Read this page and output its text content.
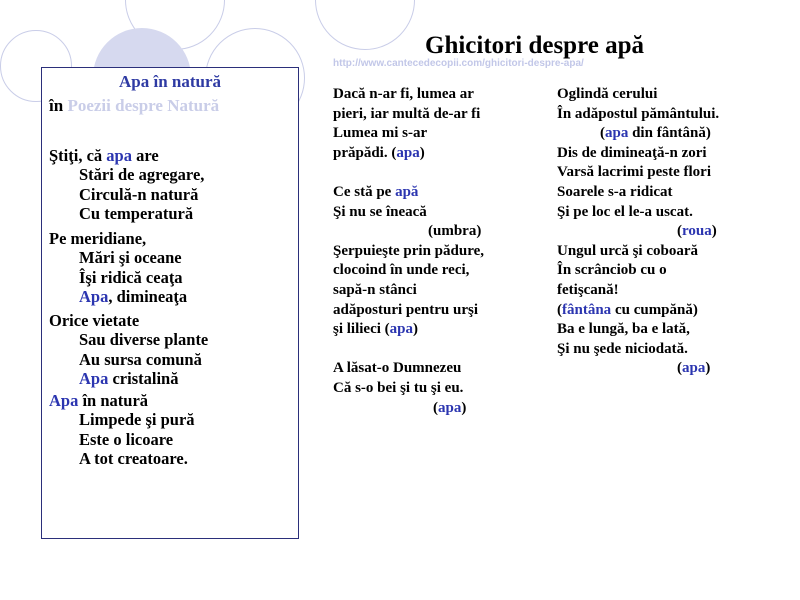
Apa în natură
în Poezii despre Natură
Ştiţi, că apa are
Stări de agregare,
Circulă-n natură
Cu temperatură
Pe meridiane,
Mări şi oceane
Îşi ridică ceaţa
Apa, dimineaţa
Orice vietate
Sau diverse plante
Au sursa comună
Apa cristalină
Apa în natură
Limpede şi pură
Este o licoare
A tot creatoare.
Ghicitori despre apă
http://www.cantecedecopii.com/ghicitori-despre-apa/
Dacă n-ar fi, lumea ar
pieri, iar multă de-ar fi
Lumea mi s-ar
prăpădi. (apa)

Ce stă pe apă
Şi nu se îneacă
(umbra)
Şerpuieşte prin pădure,
clocoind în unde reci,
sapă-n stânci
adăposturi pentru urşi
şi lilieci (apa)

A lăsat-o Dumnezeu
Că s-o bei şi tu şi eu.
(apa)
Oglindă cerului
În adăpostul pământului.
(apa din fântână)
Dis de dimineaţă-n zori
Varsă lacrimi peste flori
Soarele s-a ridicat
Şi pe loc el le-a uscat.
(roua)
Ungul urcă şi coboară
În scrânciob cu o
fetişcană!
(fântâna cu cumpănă)
Ba e lungă, ba e lată,
Şi nu şede niciodată.
(apa)
